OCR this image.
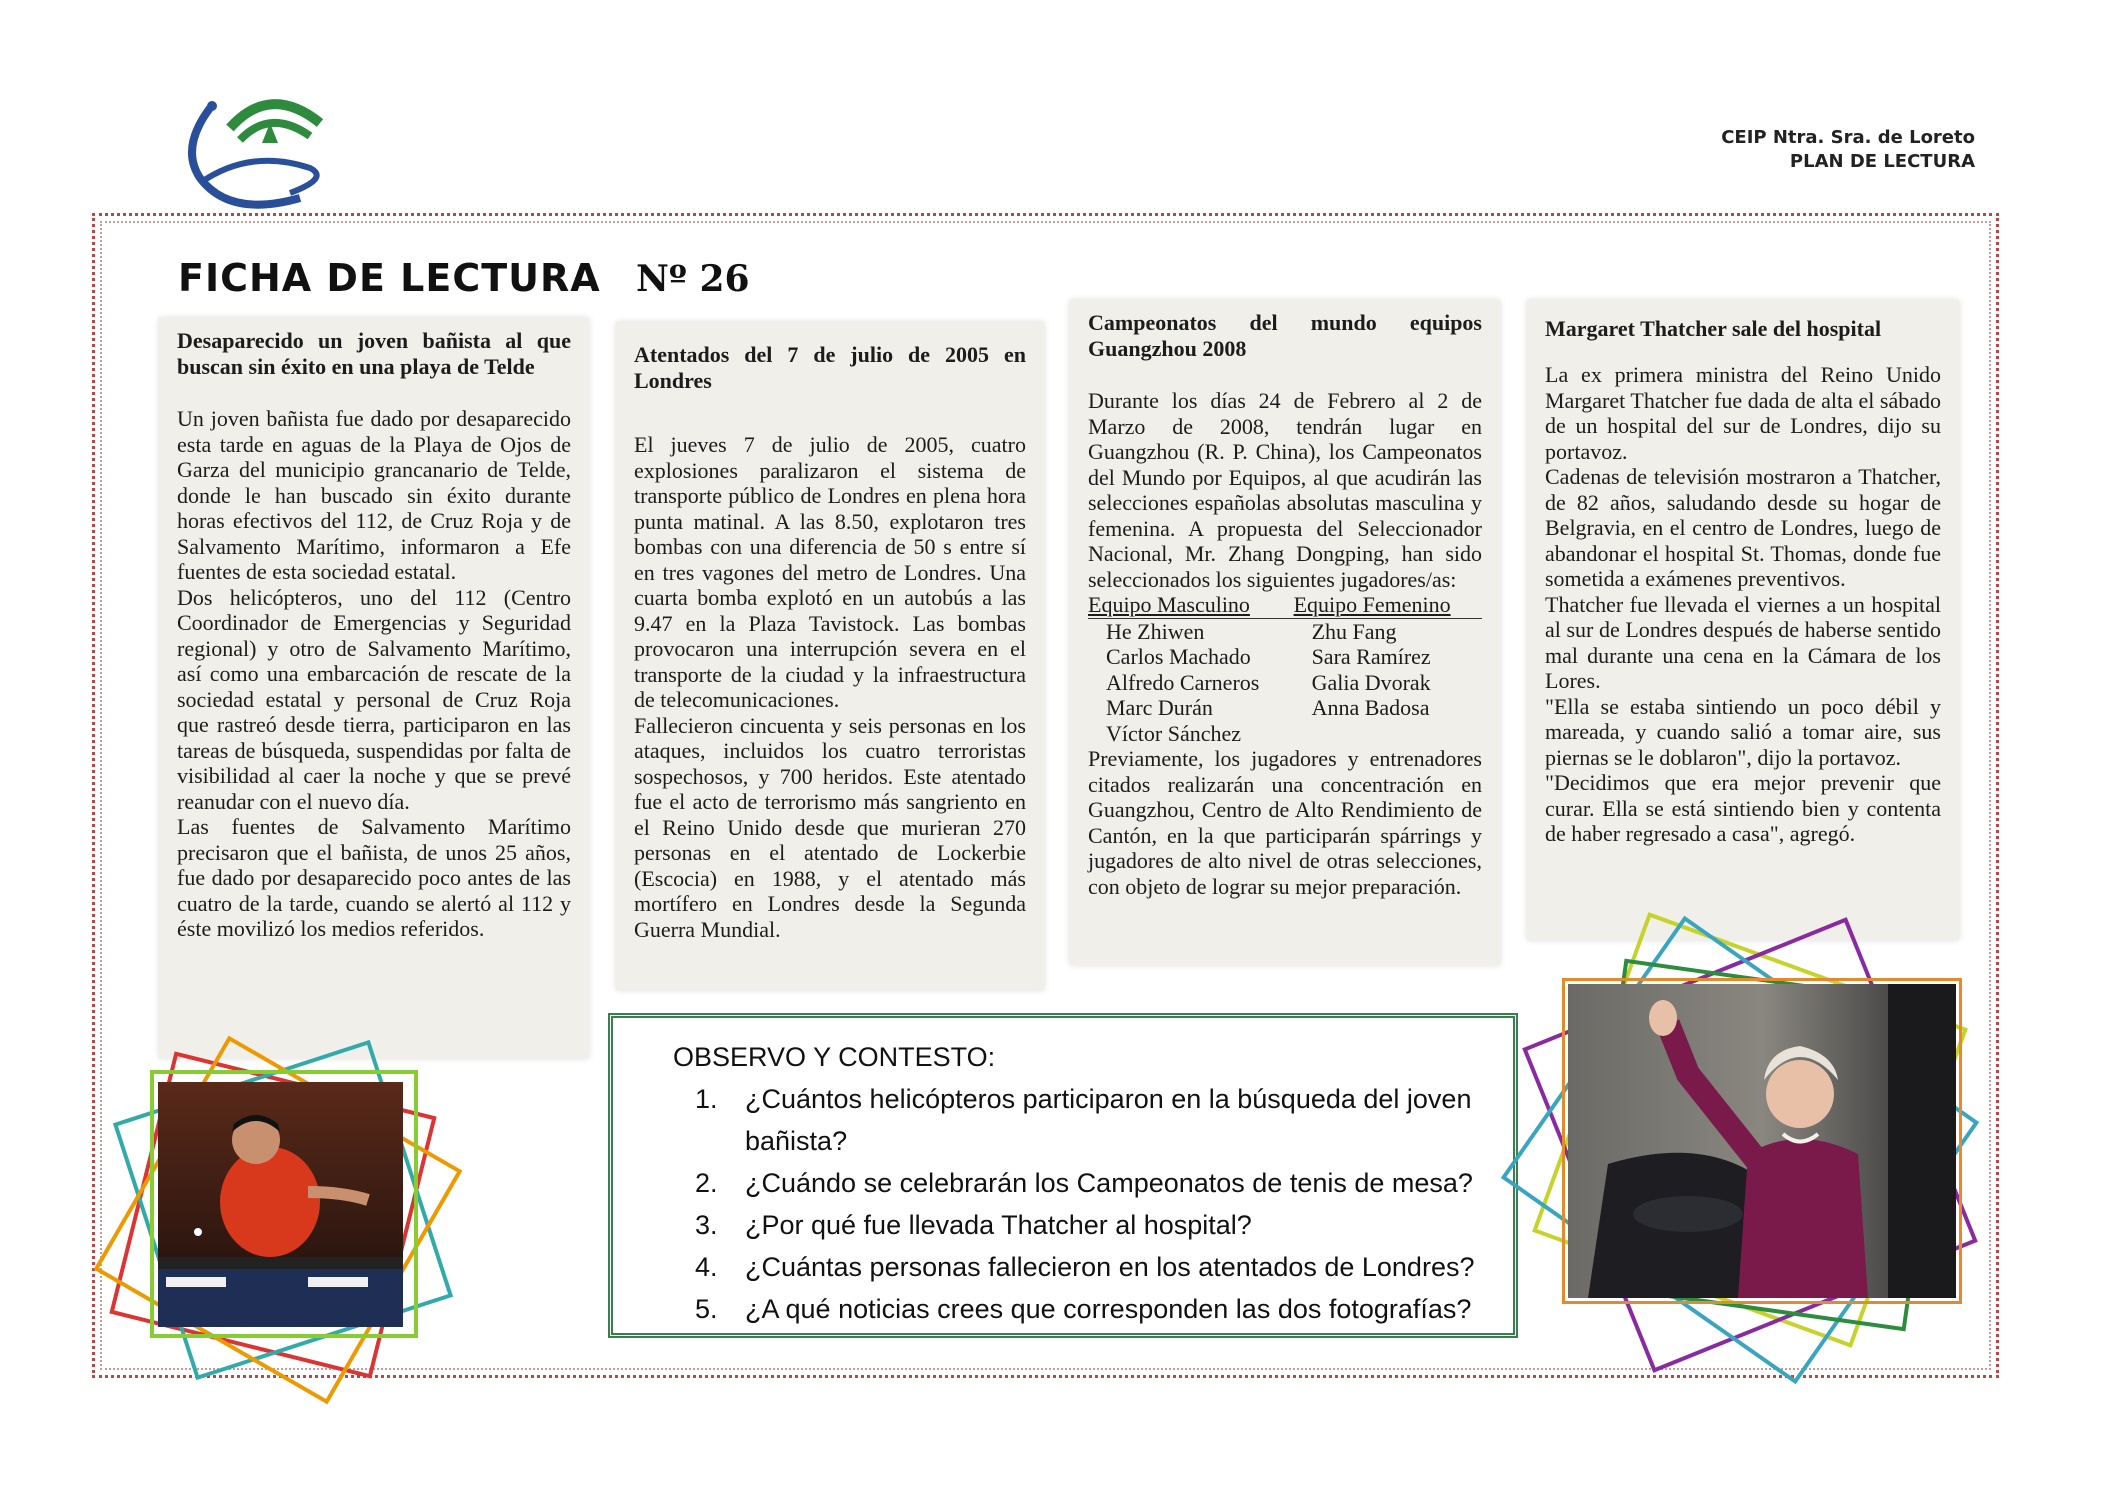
CEIP Ntra. Sra. de Loreto
PLAN DE LECTURA
FICHA DE LECTURA Nº 26
Desaparecido un joven bañista al que buscan sin éxito en una playa de Telde

Un joven bañista fue dado por desaparecido esta tarde en aguas de la Playa de Ojos de Garza del municipio grancanario de Telde, donde le han buscado sin éxito durante horas efectivos del 112, de Cruz Roja y de Salvamento Marítimo, informaron a Efe fuentes de esta sociedad estatal.

Dos helicópteros, uno del 112 (Centro Coordinador de Emergencias y Seguridad regional) y otro de Salvamento Marítimo, así como una embarcación de rescate de la sociedad estatal y personal de Cruz Roja que rastreó desde tierra, participaron en las tareas de búsqueda, suspendidas por falta de visibilidad al caer la noche y que se prevé reanudar con el nuevo día.

Las fuentes de Salvamento Marítimo precisaron que el bañista, de unos 25 años, fue dado por desaparecido poco antes de las cuatro de la tarde, cuando se alertó al 112 y éste movilizó los medios referidos.

Atentados del 7 de julio de 2005 en Londres

El jueves 7 de julio de 2005, cuatro explosiones paralizaron el sistema de transporte público de Londres en plena hora punta matinal. A las 8.50, explotaron tres bombas con una diferencia de 50 s entre sí en tres vagones del metro de Londres. Una cuarta bomba explotó en un autobús a las 9.47 en la Plaza Tavistock. Las bombas provocaron una interrupción severa en el transporte de la ciudad y la infraestructura de telecomunicaciones.

Fallecieron cincuenta y seis personas en los ataques, incluidos los cuatro terroristas sospechosos, y 700 heridos. Este atentado fue el acto de terrorismo más sangriento en el Reino Unido desde que murieran 270 personas en el atentado de Lockerbie (Escocia) en 1988, y el atentado más mortífero en Londres desde la Segunda Guerra Mundial.

Campeonatos del mundo equipos Guangzhou 2008

Durante los días 24 de Febrero al 2 de Marzo de 2008, tendrán lugar en Guangzhou (R. P. China), los Campeonatos del Mundo por Equipos, al que acudirán las selecciones españolas absolutas masculina y femenina. A propuesta del Seleccionador Nacional, Mr. Zhang Dongping, han sido seleccionados los siguientes jugadores/as:

Equipo Masculino	Equipo Femenino
He Zhiwen	Zhu Fang
Carlos Machado	Sara Ramírez
Alfredo Carneros	Galia Dvorak
Marc Durán	Anna Badosa
Víctor Sánchez	

Previamente, los jugadores y entrenadores citados realizarán una concentración en Guangzhou, Centro de Alto Rendimiento de Cantón, en la que participarán spárrings y jugadores de alto nivel de otras selecciones, con objeto de lograr su mejor preparación.

Margaret Thatcher sale del hospital

La ex primera ministra del Reino Unido Margaret Thatcher fue dada de alta el sábado de un hospital del sur de Londres, dijo su portavoz.

Cadenas de televisión mostraron a Thatcher, de 82 años, saludando desde su hogar de Belgravia, en el centro de Londres, luego de abandonar el hospital St. Thomas, donde fue sometida a exámenes preventivos.

Thatcher fue llevada el viernes a un hospital al sur de Londres después de haberse sentido mal durante una cena en la Cámara de los Lores.

"Ella se estaba sintiendo un poco débil y mareada, y cuando salió a tomar aire, sus piernas se le doblaron", dijo la portavoz.

"Decidimos que era mejor prevenir que curar. Ella se está sintiendo bien y contenta de haber regresado a casa", agregó.

OBSERVO Y CONTESTO:
1. ¿Cuántos helicópteros participaron en la búsqueda del joven bañista?
2. ¿Cuándo se celebrarán los Campeonatos de tenis de mesa?
3. ¿Por qué fue llevada Thatcher al hospital?
4. ¿Cuántas personas fallecieron en los atentados de Londres?
5. ¿A qué noticias crees que corresponden las dos fotografías?
